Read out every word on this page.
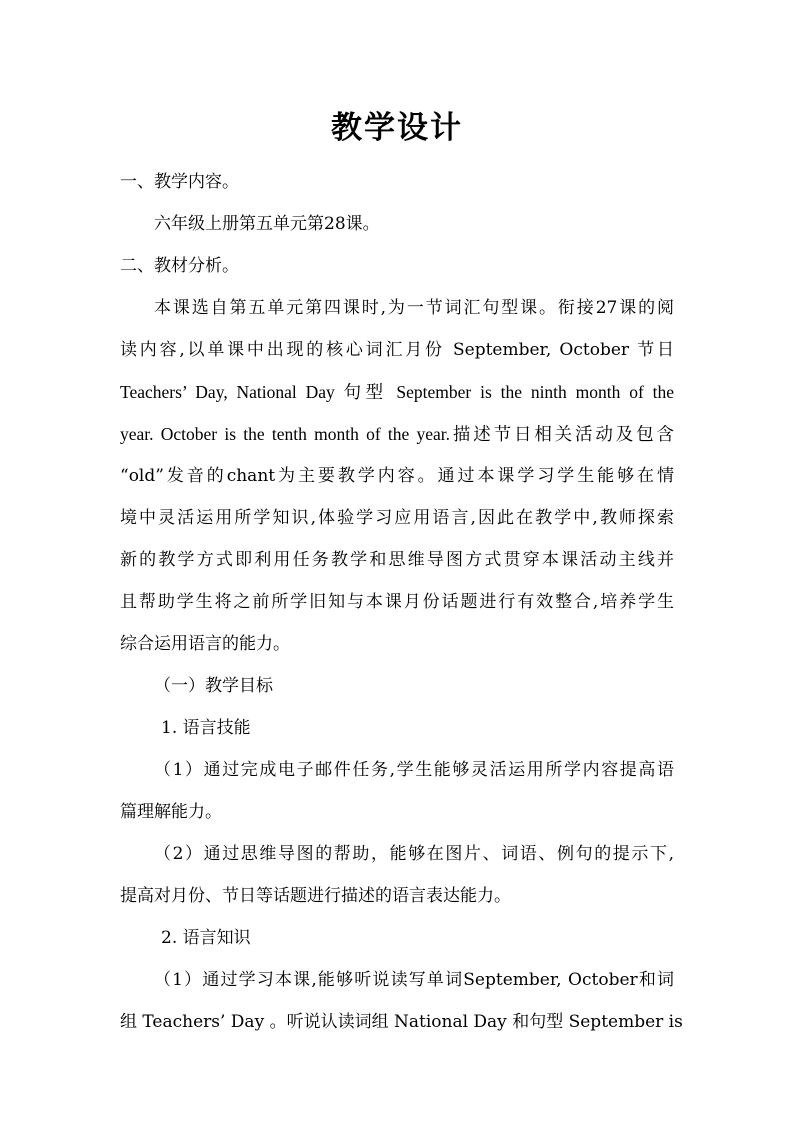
教学设计
一、教学内容。
六年级上册第五单元第28课。
二、教材分析。
本课选自第五单元第四课时,为一节词汇句型课。衔接27课的阅
读内容,以单课中出现的核心词汇月份 September, October 节日
Teachers’ Day, National Day 句型 September is the ninth month of the
year. October is the tenth month of the year.描述节日相关活动及包含
“old”发音的chant为主要教学内容。通过本课学习学生能够在情
境中灵活运用所学知识,体验学习应用语言,因此在教学中,教师探索
新的教学方式即利用任务教学和思维导图方式贯穿本课活动主线并
且帮助学生将之前所学旧知与本课月份话题进行有效整合,培养学生
综合运用语言的能力。
（一）教学目标
1. 语言技能
（1）通过完成电子邮件任务,学生能够灵活运用所学内容提高语
篇理解能力。
（2）通过思维导图的帮助，能够在图片、词语、例句的提示下,
提高对月份、节日等话题进行描述的语言表达能力。
2. 语言知识
（1）通过学习本课,能够听说读写单词September, October和词
组 Teachers’ Day 。听说认读词组 National Day 和句型 September is
